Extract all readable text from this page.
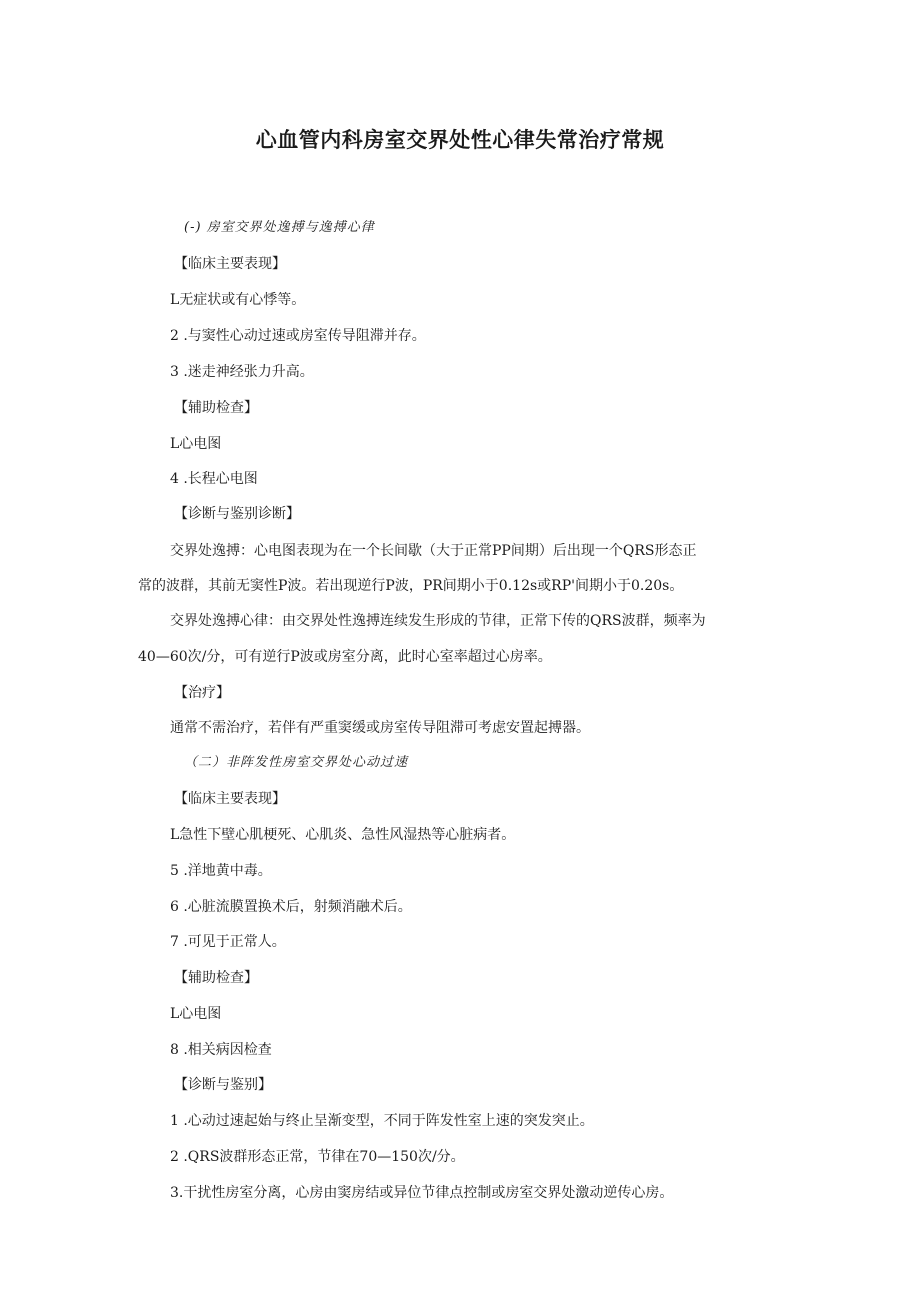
心血管内科房室交界处性心律失常治疗常规
(-) 房室交界处逸搏与逸搏心律
【临床主要表现】
L无症状或有心悸等。
2 .与窦性心动过速或房室传导阻滞并存。
3 .迷走神经张力升高。
【辅助检查】
L心电图
4 .长程心电图
【诊断与鉴别诊断】
交界处逸搏：心电图表现为在一个长间歇（大于正常PP间期）后出现一个QRS形态正
常的波群，其前无窦性P波。若出现逆行P波，PR间期小于0.12s或RP'间期小于0.20s。
交界处逸搏心律：由交界处性逸搏连续发生形成的节律，正常下传的QRS波群，频率为
40—60次/分，可有逆行P波或房室分离，此时心室率超过心房率。
【治疗】
通常不需治疗，若伴有严重窦缓或房室传导阻滞可考虑安置起搏器。
（二）非阵发性房室交界处心动过速
【临床主要表现】
L急性下壁心肌梗死、心肌炎、急性风湿热等心脏病者。
5 .洋地黄中毒。
6 .心脏流膜置换术后，射频消融术后。
7 .可见于正常人。
【辅助检查】
L心电图
8 .相关病因检查
【诊断与鉴别】
1 .心动过速起始与终止呈渐变型，不同于阵发性室上速的突发突止。
2 .QRS波群形态正常，节律在70—150次/分。
3.干扰性房室分离，心房由窦房结或异位节律点控制或房室交界处激动逆传心房。
